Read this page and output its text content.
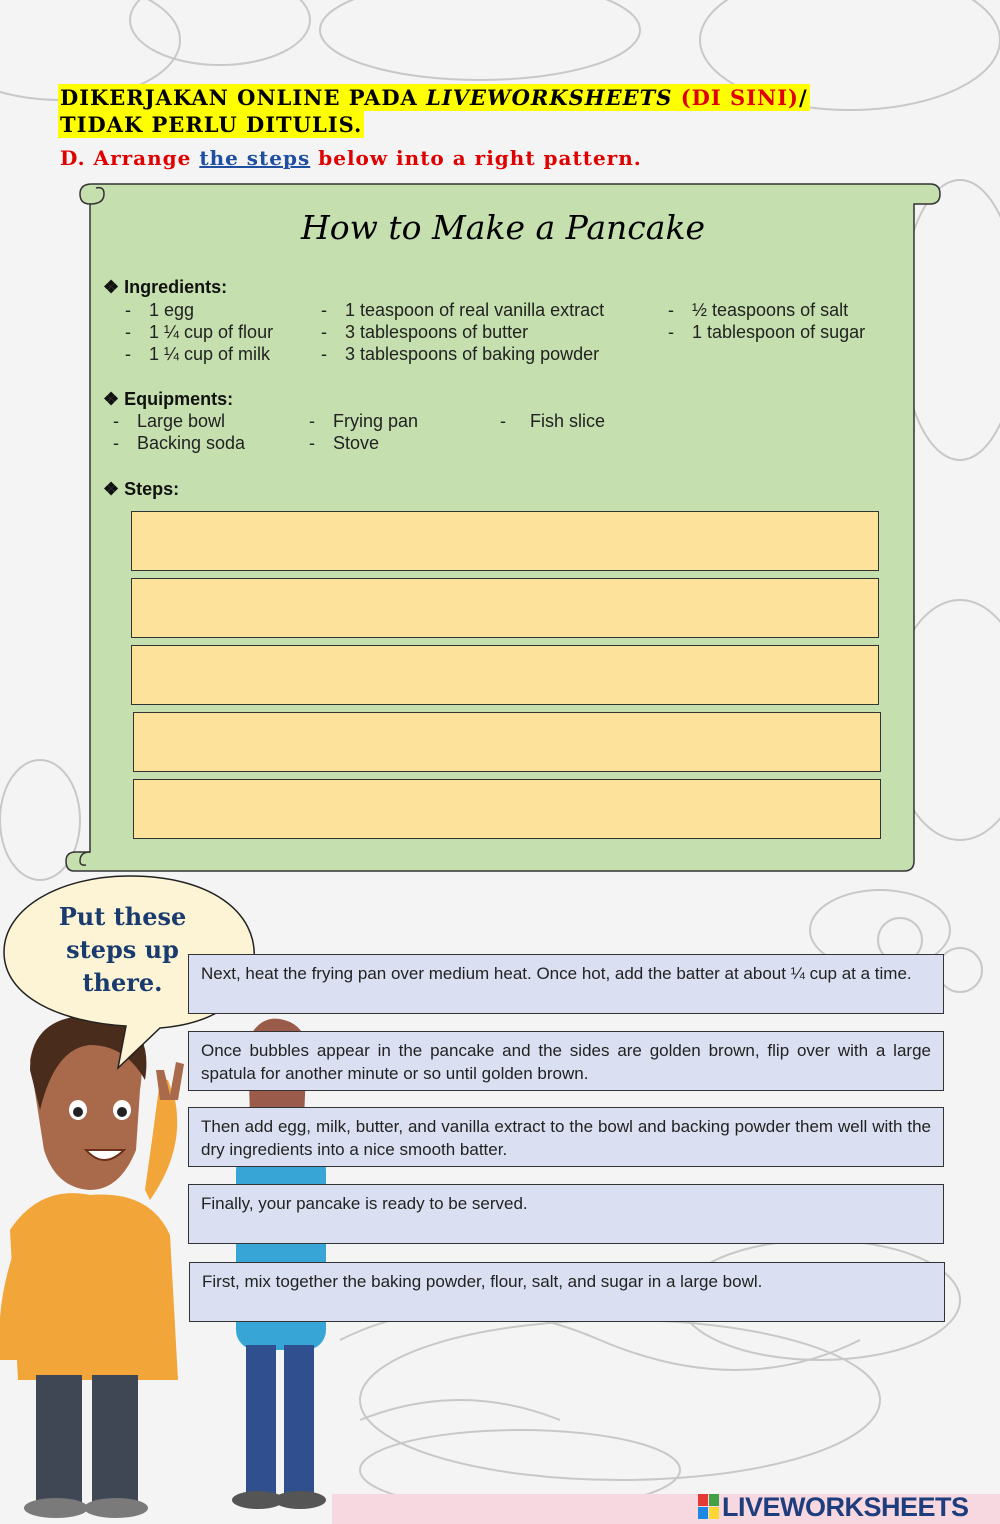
DIKERJAKAN ONLINE PADA LIVEWORKSHEETS (DI SINI)/
TIDAK PERLU DITULIS.
D. Arrange the steps below into a right pattern.
How to Make a Pancake
❖ Ingredients:
- 1 egg
- 1 ¼ cup of flour
- 1 ¼ cup of milk
- 1 teaspoon of real vanilla extract
- 3 tablespoons of butter
- 3 tablespoons of baking powder
- ½ teaspoons of salt
- 1 tablespoon of sugar
❖ Equipments:
- Large bowl
- Backing soda
- Frying pan
- Stove
- Fish slice
❖ Steps:
Put these steps up there.	Next, heat the frying pan over medium heat. Once hot, add the batter at about ¼ cup at a time.
Once bubbles appear in the pancake and the sides are golden brown, flip over with a large spatula for another minute or so until golden brown.
Then add egg, milk, butter, and vanilla extract to the bowl and backing powder them well with the dry ingredients into a nice smooth batter.
Finally, your pancake is ready to be served.
First, mix together the baking powder, flour, salt, and sugar in a large bowl.
LIVEWORKSHEETS
